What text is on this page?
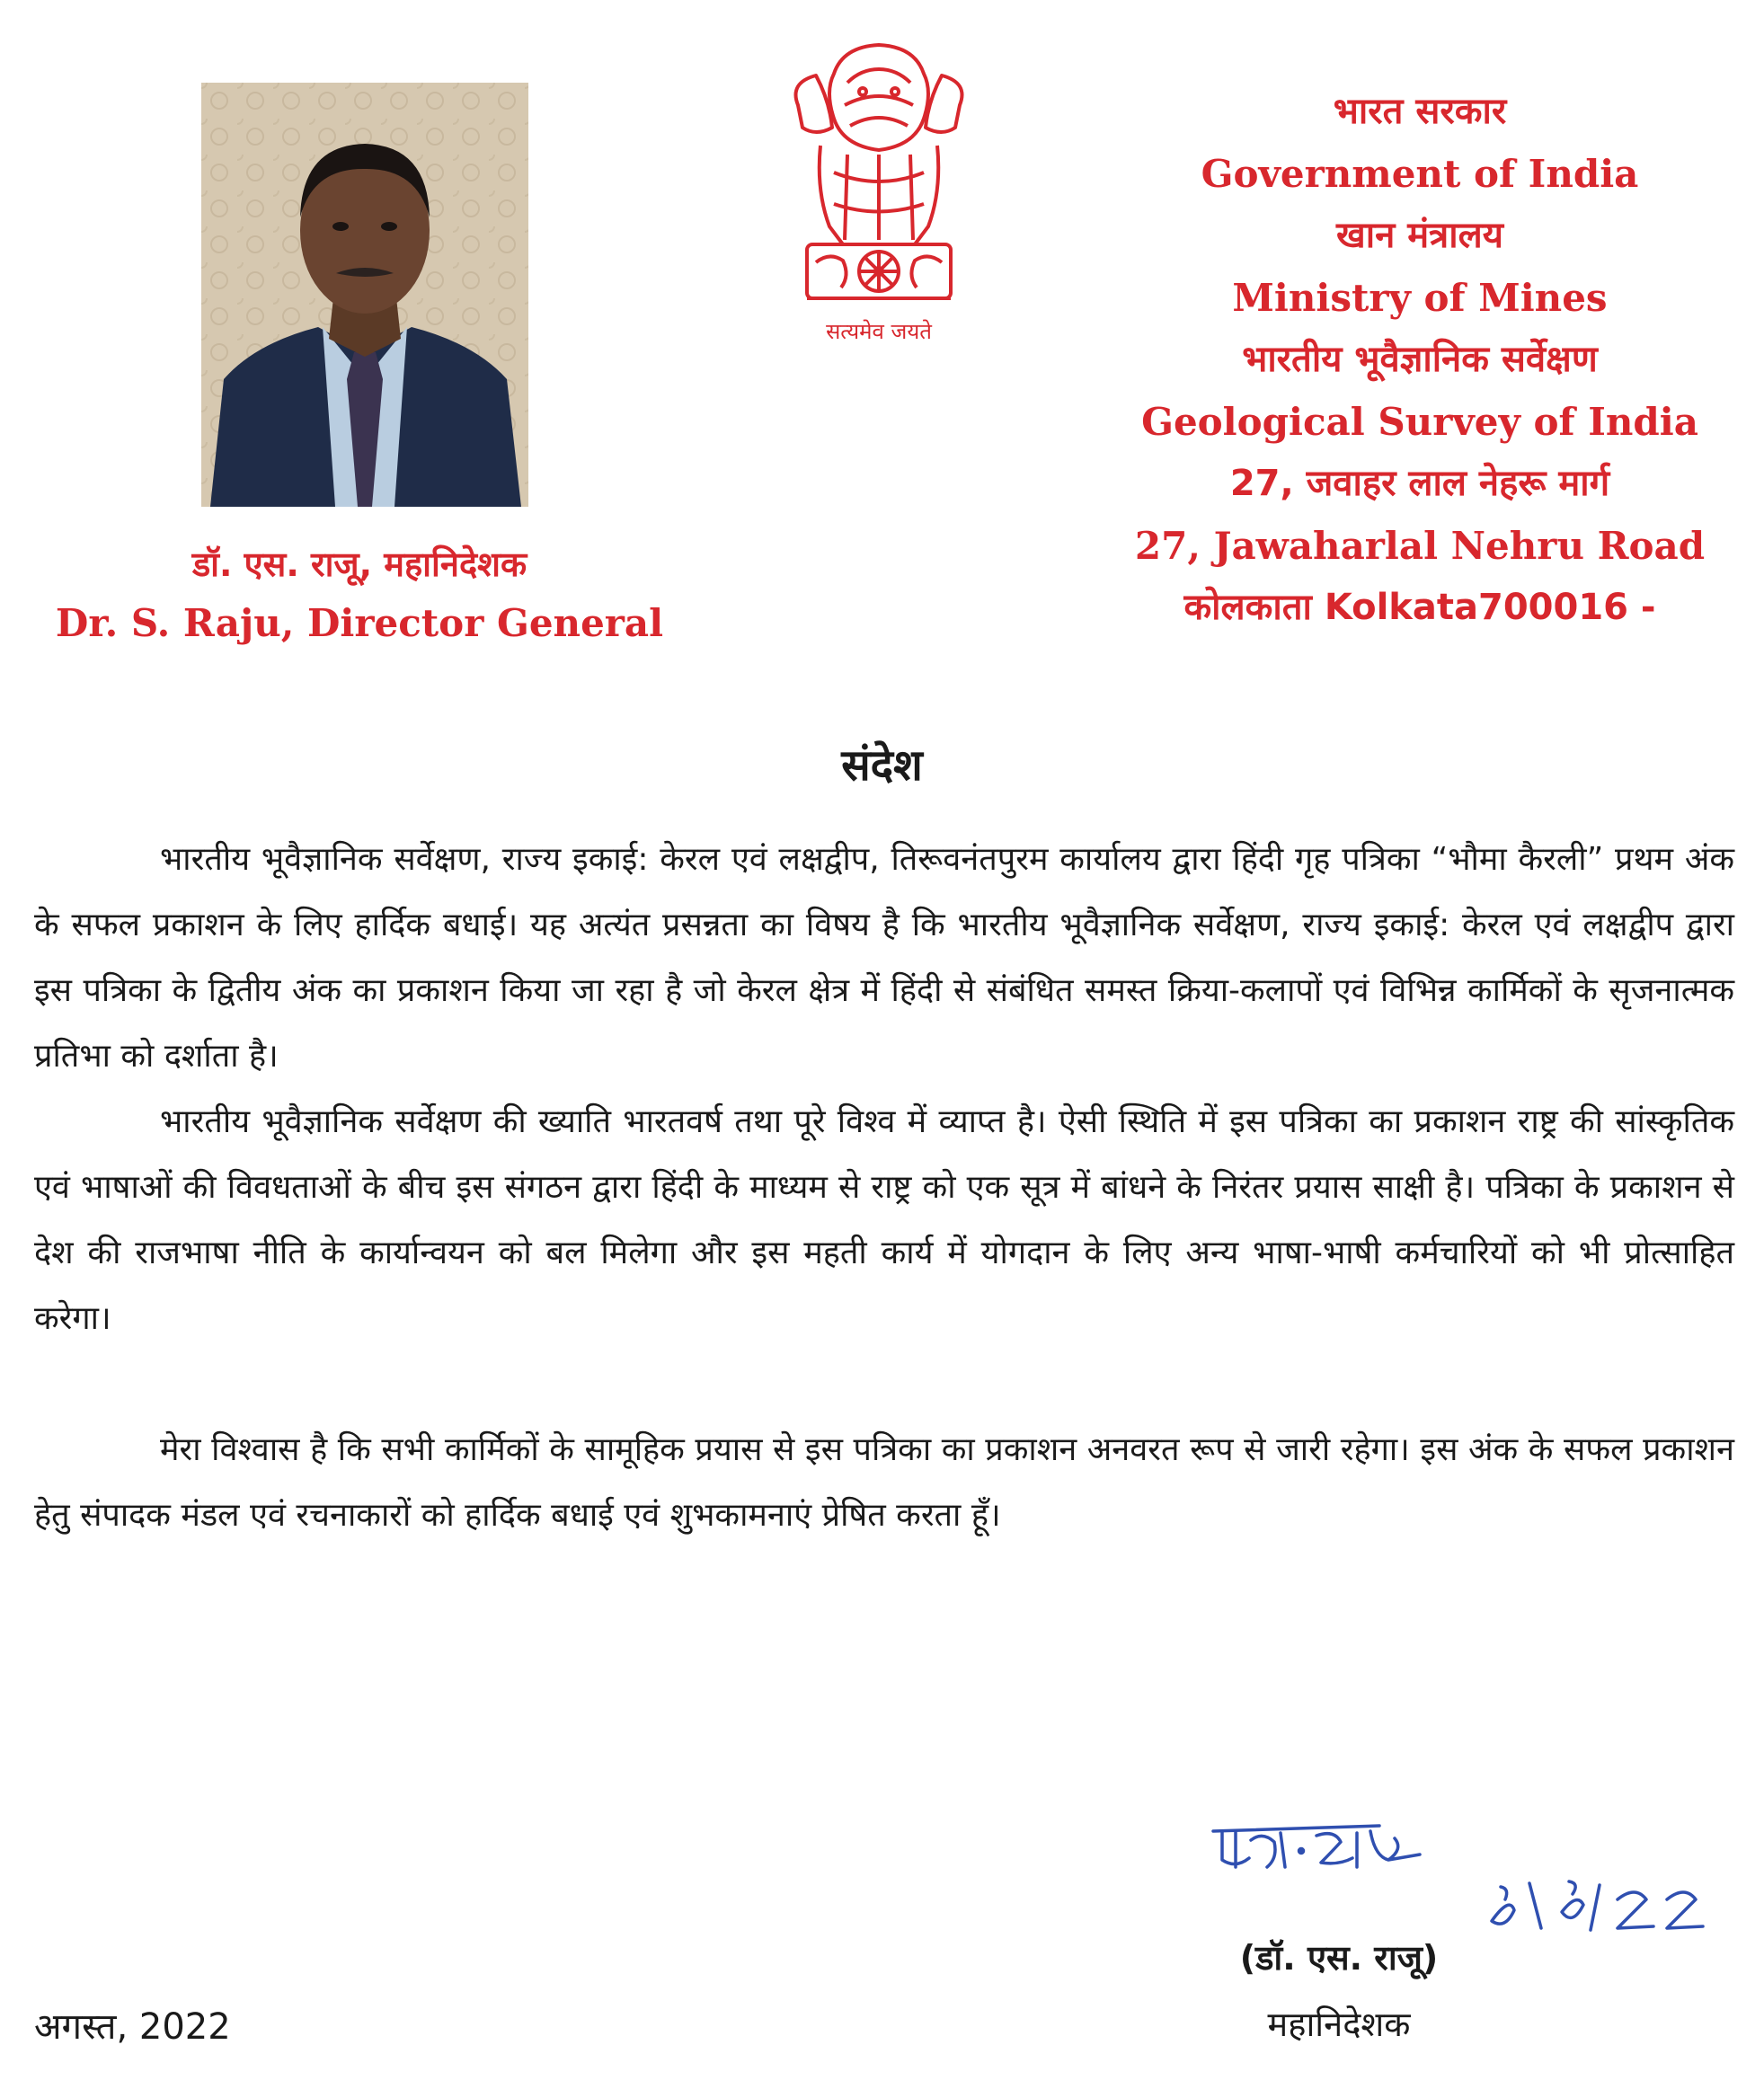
सत्यमेव जयते
भारत सरकार
Government of India
खान मंत्रालय
Ministry of Mines
भारतीय भूवैज्ञानिक सर्वेक्षण
Geological Survey of India
27, जवाहर लाल नेहरू मार्ग
27, Jawaharlal Nehru Road
कोलकाता Kolkata700016 -
डॉ. एस. राजू, महानिदेशक
Dr. S. Raju, Director General
संदेश

भारतीय भूवैज्ञानिक सर्वेक्षण, राज्य इकाई: केरल एवं लक्षद्वीप, तिरूवनंतपुरम कार्यालय द्वारा हिंदी गृह पत्रिका “भौमा कैरली” प्रथम अंक के सफल प्रकाशन के लिए हार्दिक बधाई। यह अत्यंत प्रसन्नता का विषय है कि भारतीय भूवैज्ञानिक सर्वेक्षण, राज्य इकाई: केरल एवं लक्षद्वीप द्वारा इस पत्रिका के द्वितीय अंक का प्रकाशन किया जा रहा है जो केरल क्षेत्र में हिंदी से संबंधित समस्त क्रिया-कलापों एवं विभिन्न कार्मिकों के सृजनात्मक प्रतिभा को दर्शाता है।

भारतीय भूवैज्ञानिक सर्वेक्षण की ख्याति भारतवर्ष तथा पूरे विश्व में व्याप्त है। ऐसी स्थिति में इस पत्रिका का प्रकाशन राष्ट्र की सांस्कृतिक एवं भाषाओं की विवधताओं के बीच इस संगठन द्वारा हिंदी के माध्यम से राष्ट्र को एक सूत्र में बांधने के निरंतर प्रयास साक्षी है। पत्रिका के प्रकाशन से देश की राजभाषा नीति के कार्यान्वयन को बल मिलेगा और इस महती कार्य में योगदान के लिए अन्य भाषा-भाषी कर्मचारियों को भी प्रोत्साहित करेगा।

मेरा विश्वास है कि सभी कार्मिकों के सामूहिक प्रयास से इस पत्रिका का प्रकाशन अनवरत रूप से जारी रहेगा। इस अंक के सफल प्रकाशन हेतु संपादक मंडल एवं रचनाकारों को हार्दिक बधाई एवं शुभकामनाएं प्रेषित करता हूँ।

(डॉ. एस. राजू)
महानिदेशक
अगस्त, 2022
